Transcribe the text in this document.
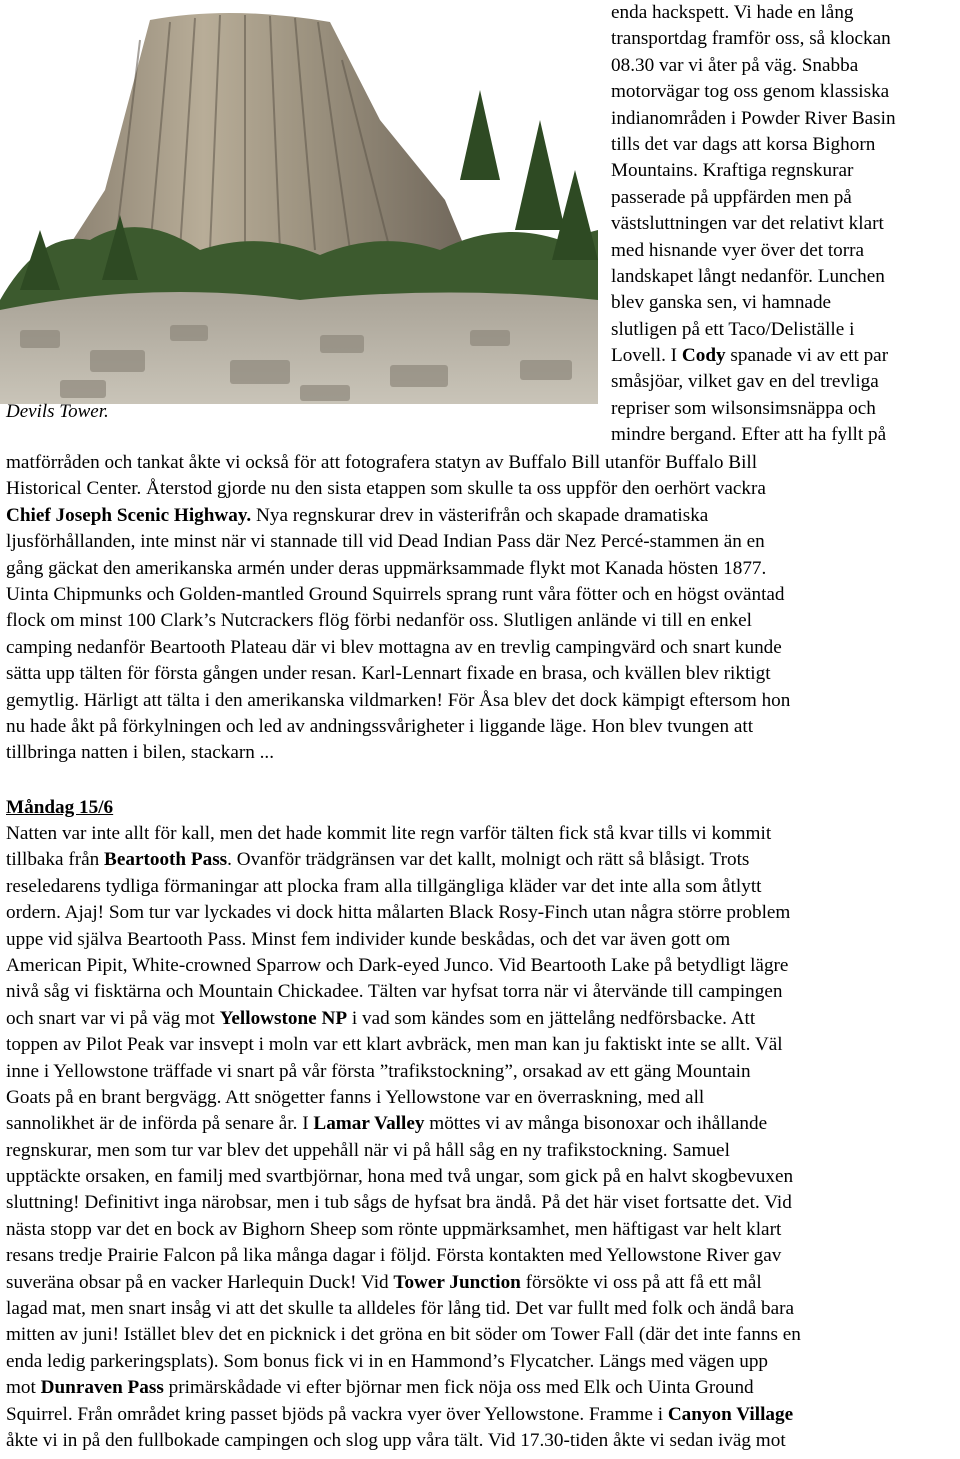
Devils Tower.
enda hackspett. Vi hade en lång
transportdag framför oss, så klockan
08.30 var vi åter på väg. Snabba
motorvägar tog oss genom klassiska
indianområden i Powder River Basin
tills det var dags att korsa Bighorn
Mountains. Kraftiga regnskurar
passerade på uppfärden men på
västsluttningen var det relativt klart
med hisnande vyer över det torra
landskapet långt nedanför. Lunchen
blev ganska sen, vi hamnade
slutligen på ett Taco/Deliställe i
Lovell. I Cody spanade vi av ett par
småsjöar, vilket gav en del trevliga
repriser som wilsonsimsnäppa och
mindre bergand. Efter att ha fyllt på
matförråden och tankat åkte vi också för att fotografera statyn av Buffalo Bill utanför Buffalo Bill
Historical Center. Återstod gjorde nu den sista etappen som skulle ta oss uppför den oerhört vackra
Chief Joseph Scenic Highway. Nya regnskurar drev in västerifrån och skapade dramatiska
ljusförhållanden, inte minst när vi stannade till vid Dead Indian Pass där Nez Percé-stammen än en
gång gäckat den amerikanska armén under deras uppmärksammade flykt mot Kanada hösten 1877.
Uinta Chipmunks och Golden-mantled Ground Squirrels sprang runt våra fötter och en högst oväntad
flock om minst 100 Clark’s Nutcrackers flög förbi nedanför oss. Slutligen anlände vi till en enkel
camping nedanför Beartooth Plateau där vi blev mottagna av en trevlig campingvärd och snart kunde
sätta upp tälten för första gången under resan. Karl-Lennart fixade en brasa, och kvällen blev riktigt
gemytlig. Härligt att tälta i den amerikanska vildmarken! För Åsa blev det dock kämpigt eftersom hon
nu hade åkt på förkylningen och led av andningssvårigheter i liggande läge. Hon blev tvungen att
tillbringa natten i bilen, stackarn ...
Måndag 15/6
Natten var inte allt för kall, men det hade kommit lite regn varför tälten fick stå kvar tills vi kommit
tillbaka från Beartooth Pass. Ovanför trädgränsen var det kallt, molnigt och rätt så blåsigt. Trots
reseledarens tydliga förmaningar att plocka fram alla tillgängliga kläder var det inte alla som åtlytt
ordern. Ajaj! Som tur var lyckades vi dock hitta målarten Black Rosy-Finch utan några större problem
uppe vid själva Beartooth Pass. Minst fem individer kunde beskådas, och det var även gott om
American Pipit, White-crowned Sparrow och Dark-eyed Junco. Vid Beartooth Lake på betydligt lägre
nivå såg vi fisktärna och Mountain Chickadee. Tälten var hyfsat torra när vi återvände till campingen
och snart var vi på väg mot Yellowstone NP i vad som kändes som en jättelång nedförsbacke. Att
toppen av Pilot Peak var insvept i moln var ett klart avbräck, men man kan ju faktiskt inte se allt. Väl
inne i Yellowstone träffade vi snart på vår första ”trafikstockning”, orsakad av ett gäng Mountain
Goats på en brant bergvägg. Att snögetter fanns i Yellowstone var en överraskning, med all
sannolikhet är de införda på senare år. I Lamar Valley möttes vi av många bisonoxar och ihållande
regnskurar, men som tur var blev det uppehåll när vi på håll såg en ny trafikstockning. Samuel
upptäckte orsaken, en familj med svartbjörnar, hona med två ungar, som gick på en halvt skogbevuxen
sluttning! Definitivt inga närobsar, men i tub sågs de hyfsat bra ändå. På det här viset fortsatte det. Vid
nästa stopp var det en bock av Bighorn Sheep som rönte uppmärksamhet, men häftigast var helt klart
resans tredje Prairie Falcon på lika många dagar i följd. Första kontakten med Yellowstone River gav
suveräna obsar på en vacker Harlequin Duck! Vid Tower Junction försökte vi oss på att få ett mål
lagad mat, men snart insåg vi att det skulle ta alldeles för lång tid. Det var fullt med folk och ändå bara
mitten av juni! Istället blev det en picknick i det gröna en bit söder om Tower Fall (där det inte fanns en
enda ledig parkeringsplats). Som bonus fick vi in en Hammond’s Flycatcher. Längs med vägen upp
mot Dunraven Pass primärskådade vi efter björnar men fick nöja oss med Elk och Uinta Ground
Squirrel. Från området kring passet bjöds på vackra vyer över Yellowstone. Framme i Canyon Village
åkte vi in på den fullbokade campingen och slog upp våra tält. Vid 17.30-tiden åkte vi sedan iväg mot
